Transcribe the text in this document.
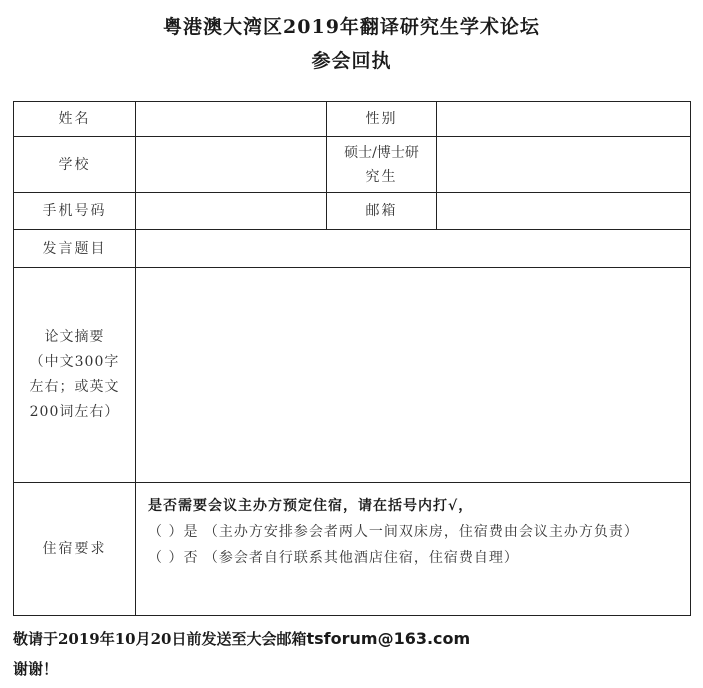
粤港澳大湾区2019年翻译研究生学术论坛
参会回执
姓名		性别	
学校		硕士/博士研
究生	

手机号码		邮箱	
发言题目			

论文摘要
（中文300字
左右；或英文
200词左右）			

住宿要求	是否需要会议主办方预定住宿，请在括号内打√，
（ ）是 （主办方安排参会者两人一间双床房，住宿费由会议主办方负责）
（ ）否 （参会者自行联系其他酒店住宿，住宿费自理）		
敬请于2019年10月20日前发送至大会邮箱tsforum@163.com
谢谢！
